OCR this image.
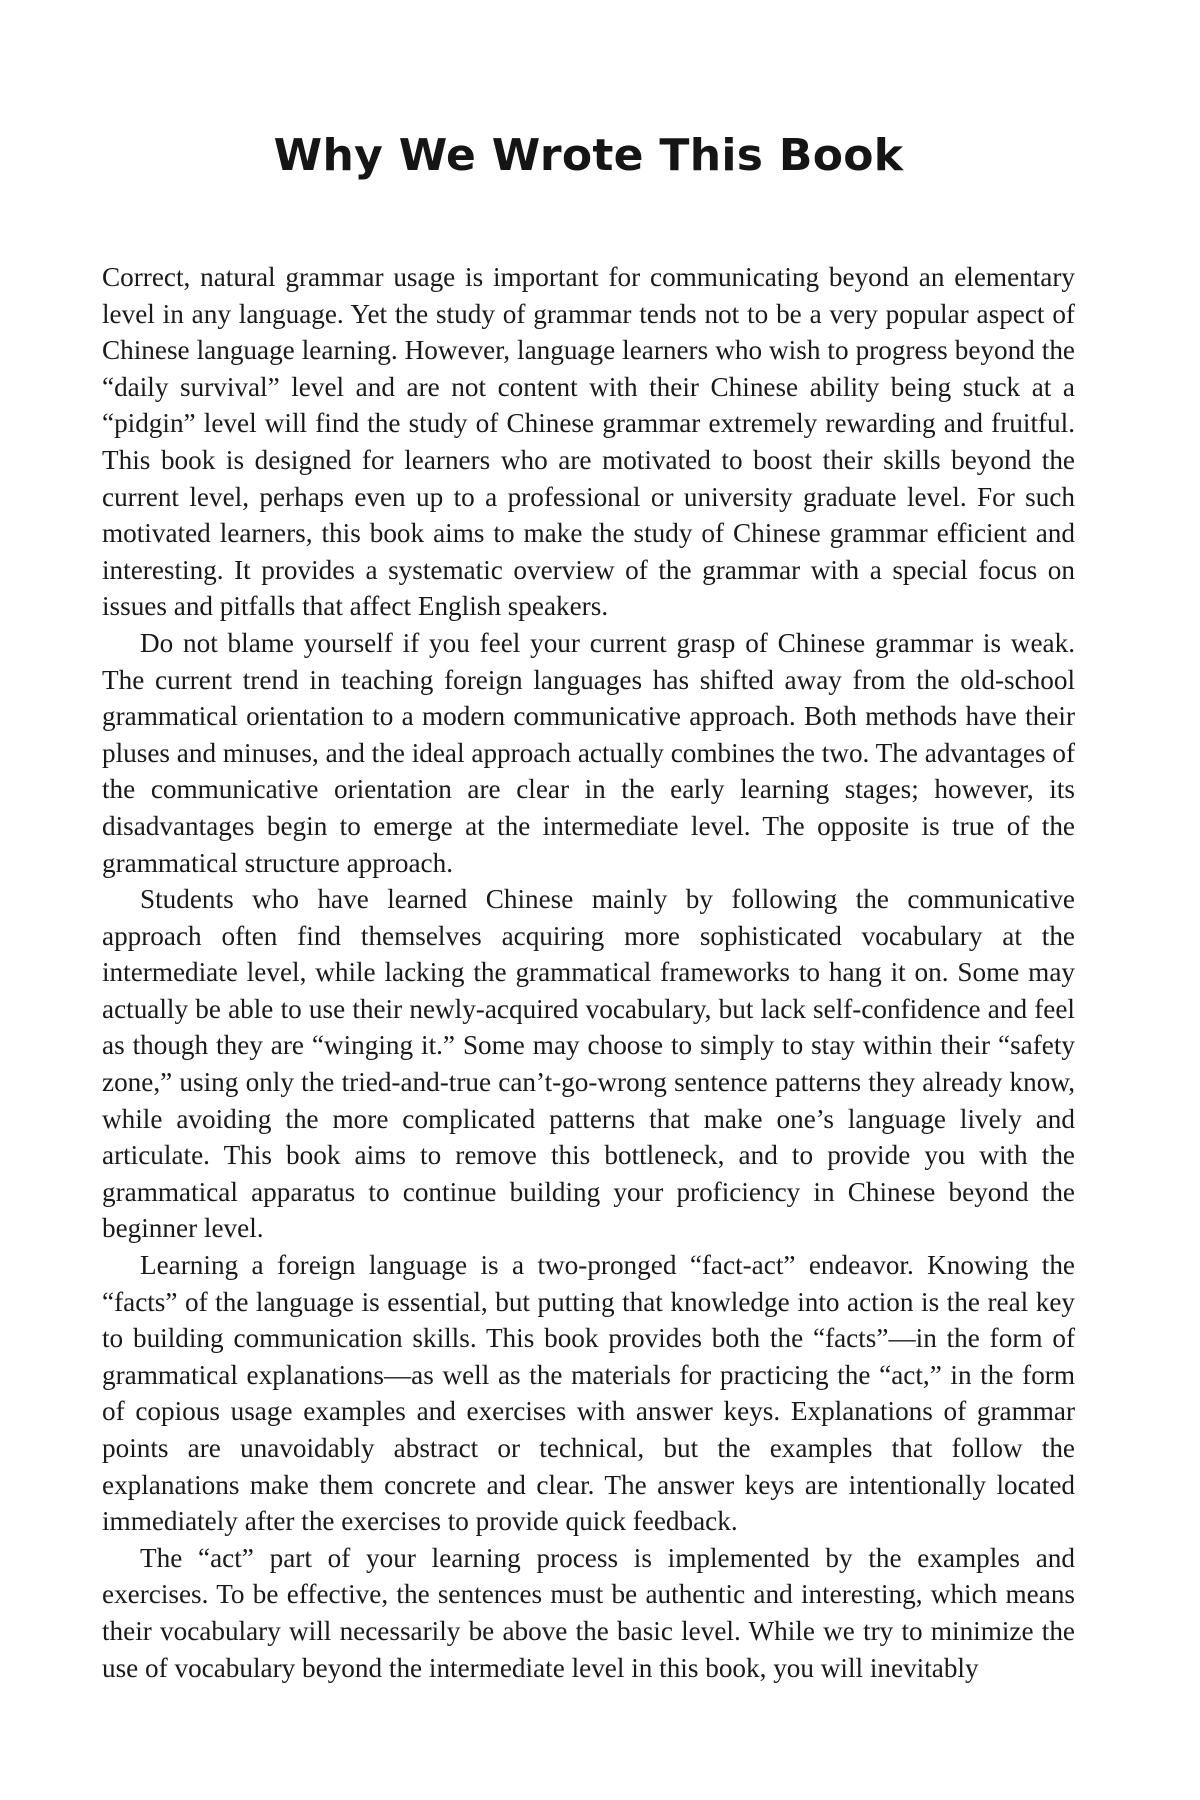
Why We Wrote This Book

Correct, natural grammar usage is important for communicating beyond an elementary level in any language. Yet the study of grammar tends not to be a very popular aspect of Chinese language learning. However, language learners who wish to progress beyond the “daily survival” level and are not content with their Chinese ability being stuck at a “pidgin” level will find the study of Chinese grammar extremely rewarding and fruitful. This book is designed for learners who are motivated to boost their skills beyond the current level, perhaps even up to a professional or university graduate level. For such motivated learners, this book aims to make the study of Chinese grammar efficient and interesting. It provides a systematic overview of the grammar with a special focus on issues and pitfalls that affect English speakers.

Do not blame yourself if you feel your current grasp of Chinese grammar is weak. The current trend in teaching foreign languages has shifted away from the old-school grammatical orientation to a modern communicative approach. Both methods have their pluses and minuses, and the ideal approach actually combines the two. The advantages of the communicative orientation are clear in the early learning stages; however, its disadvantages begin to emerge at the intermediate level. The opposite is true of the grammatical structure approach.

Students who have learned Chinese mainly by following the communicative approach often find themselves acquiring more sophisticated vocabulary at the intermediate level, while lacking the grammatical frameworks to hang it on. Some may actually be able to use their newly-acquired vocabulary, but lack self-confidence and feel as though they are “winging it.” Some may choose to simply to stay within their “safety zone,” using only the tried-and-true can’t-go-wrong sentence patterns they already know, while avoiding the more complicated patterns that make one’s language lively and articulate. This book aims to remove this bottleneck, and to provide you with the grammatical apparatus to continue building your proficiency in Chinese beyond the beginner level.

Learning a foreign language is a two-pronged “fact-act” endeavor. Knowing the “facts” of the language is essential, but putting that knowledge into action is the real key to building communication skills. This book provides both the “facts”—in the form of grammatical explanations—as well as the materials for practicing the “act,” in the form of copious usage examples and exercises with answer keys. Explanations of grammar points are unavoidably abstract or technical, but the examples that follow the explanations make them concrete and clear. The answer keys are intentionally located immediately after the exercises to provide quick feedback.

The “act” part of your learning process is implemented by the examples and exercises. To be effective, the sentences must be authentic and interesting, which means their vocabulary will necessarily be above the basic level. While we try to minimize the use of vocabulary beyond the intermediate level in this book, you will inevitably
